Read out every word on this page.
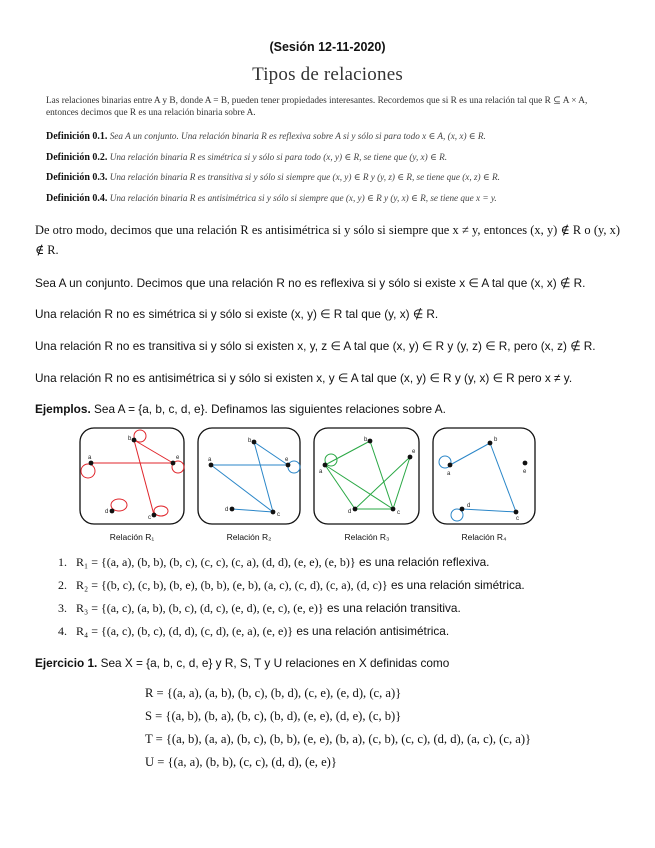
(Sesión 12-11-2020)
Tipos de relaciones
Las relaciones binarias entre A y B, donde A = B, pueden tener propiedades interesantes. Recordemos que si R es una relación tal que R ⊆ A × A, entonces decimos que R es una relación binaria sobre A.
Definición 0.1. Sea A un conjunto. Una relación binaria R es reflexiva sobre A si y sólo si para todo x ∈ A, (x, x) ∈ R.
Definición 0.2. Una relación binaria R es simétrica si y sólo si para todo (x, y) ∈ R, se tiene que (y, x) ∈ R.
Definición 0.3. Una relación binaria R es transitiva si y sólo si siempre que (x, y) ∈ R y (y, z) ∈ R, se tiene que (x, z) ∈ R.
Definición 0.4. Una relación binaria R es antisimétrica si y sólo si siempre que (x, y) ∈ R y (y, x) ∈ R, se tiene que x = y.
De otro modo, decimos que una relación R es antisimétrica si y sólo si siempre que x ≠ y, entonces (x, y) ∉ R o (y, x) ∉ R.
Sea A un conjunto. Decimos que una relación R no es reflexiva si y sólo si existe x ∈ A tal que (x, x) ∉ R.
Una relación R no es simétrica si y sólo si existe (x, y) ∈ R tal que (y, x) ∉ R.
Una relación R no es transitiva si y sólo si existen x, y, z ∈ A tal que (x, y) ∈ R y (y, z) ∈ R, pero (x, z) ∉ R.
Una relación R no es antisimétrica si y sólo si existen x, y ∈ A tal que (x, y) ∈ R y (y, x) ∈ R pero x ≠ y.
Ejemplos. Sea A = {a, b, c, d, e}. Definamos las siguientes relaciones sobre A.
b
a	e
d
c
Relación R₁
b
a	e
d
c
Relación R₂
b
a
e
d	c
Relación R₃
b
a	e
d
c
Relación R₄
1. R₁ = {(a, a), (b, b), (b, c), (c, c), (c, a), (d, d), (e, e), (e, b)} es una relación reflexiva.
2. R₂ = {(b, c), (c, b), (b, e), (b, b), (e, b), (a, c), (c, d), (c, a), (d, c)} es una relación simétrica.
3. R₃ = {(a, c), (a, b), (b, c), (d, c), (e, d), (e, c), (e, e)} es una relación transitiva.
4. R₄ = {(a, c), (b, c), (d, d), (c, d), (e, a), (e, e)} es una relación antisimétrica.
Ejercicio 1. Sea X = {a, b, c, d, e} y R, S, T y U relaciones en X definidas como
R = {(a, a), (a, b), (b, c), (b, d), (c, e), (e, d), (c, a)}
S = {(a, b), (b, a), (b, c), (b, d), (e, e), (d, e), (c, b)}
T = {(a, b), (a, a), (b, c), (b, b), (e, e), (b, a), (c, b), (c, c), (d, d), (a, c), (c, a)}
U = {(a, a), (b, b), (c, c), (d, d), (e, e)}
